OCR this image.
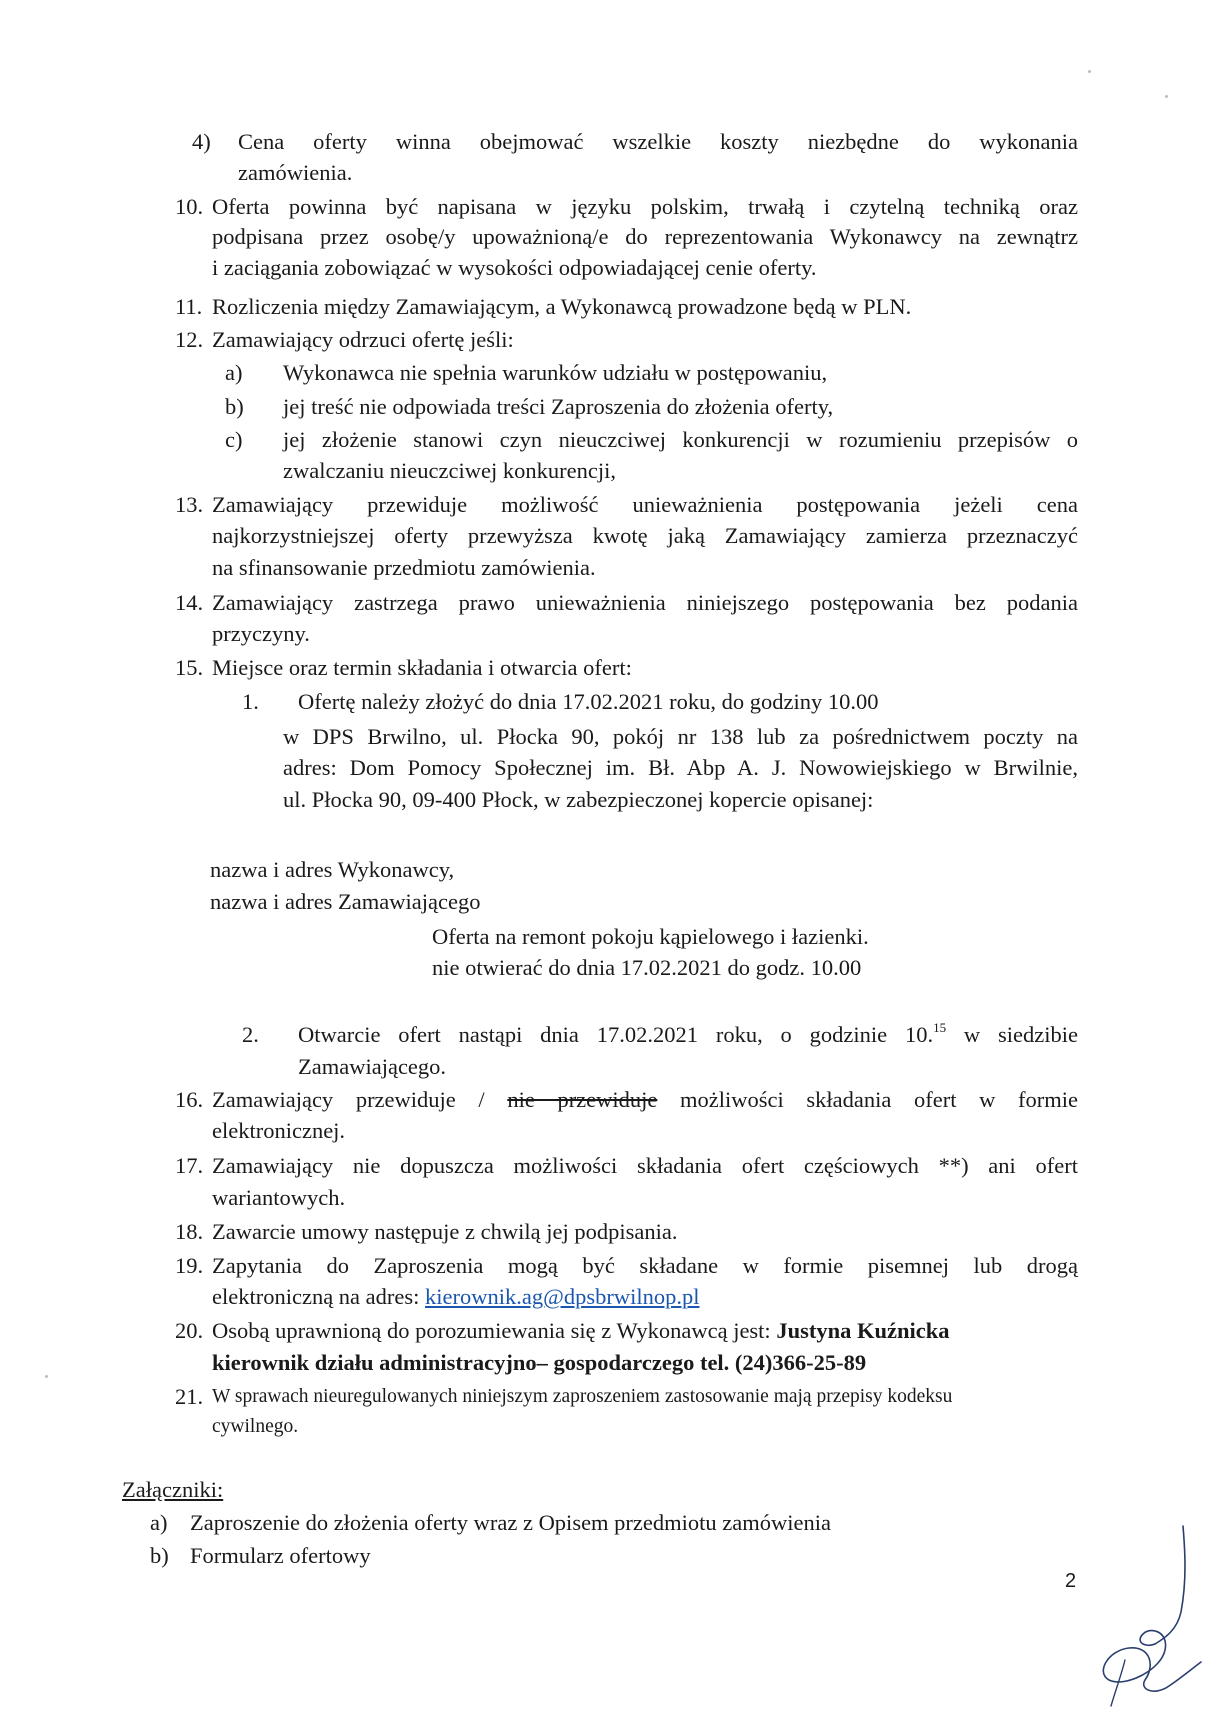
4) Cena oferty winna obejmować wszelkie koszty niezbędne do wykonania
zamówienia.
10. Oferta powinna być napisana w języku polskim, trwałą i czytelną techniką oraz
podpisana przez osobę/y upoważnioną/e do reprezentowania Wykonawcy na zewnątrz
i zaciągania zobowiązać w wysokości odpowiadającej cenie oferty.
11. Rozliczenia między Zamawiającym, a Wykonawcą prowadzone będą w PLN.
12. Zamawiający odrzuci ofertę jeśli:
a) Wykonawca nie spełnia warunków udziału w postępowaniu,
b) jej treść nie odpowiada treści Zaproszenia do złożenia oferty,
c) jej złożenie stanowi czyn nieuczciwej konkurencji w rozumieniu przepisów o
zwalczaniu nieuczciwej konkurencji,
13. Zamawiający przewiduje możliwość unieważnienia postępowania jeżeli cena
najkorzystniejszej oferty przewyższa kwotę jaką Zamawiający zamierza przeznaczyć
na sfinansowanie przedmiotu zamówienia.
14. Zamawiający zastrzega prawo unieważnienia niniejszego postępowania bez podania
przyczyny.
15. Miejsce oraz termin składania i otwarcia ofert:
1. Ofertę należy złożyć do dnia 17.02.2021 roku, do godziny 10.00
w DPS Brwilno, ul. Płocka 90, pokój nr 138 lub za pośrednictwem poczty na
adres: Dom Pomocy Społecznej im. Bł. Abp A. J. Nowowiejskiego w Brwilnie,
ul. Płocka 90, 09-400 Płock, w zabezpieczonej kopercie opisanej:
nazwa i adres Wykonawcy,
nazwa i adres Zamawiającego
Oferta na remont pokoju kąpielowego i łazienki.
nie otwierać do dnia 17.02.2021 do godz. 10.00
2. Otwarcie ofert nastąpi dnia 17.02.2021 roku, o godzinie 10.15 w siedzibie
Zamawiającego.
16. Zamawiający przewiduje / nie przewiduje możliwości składania ofert w formie
elektronicznej.
17. Zamawiający nie dopuszcza możliwości składania ofert częściowych **) ani ofert
wariantowych.
18. Zawarcie umowy następuje z chwilą jej podpisania.
19. Zapytania do Zaproszenia mogą być składane w formie pisemnej lub drogą
elektroniczną na adres: kierownik.ag@dpsbrwilnop.pl
20. Osobą uprawnioną do porozumiewania się z Wykonawcą jest: Justyna Kuźnicka
kierownik działu administracyjno– gospodarczego tel. (24)366-25-89
21. W sprawach nieuregulowanych niniejszym zaproszeniem zastosowanie mają przepisy kodeksu
cywilnego.
Załączniki:
a) Zaproszenie do złożenia oferty wraz z Opisem przedmiotu zamówienia
b) Formularz ofertowy
2
